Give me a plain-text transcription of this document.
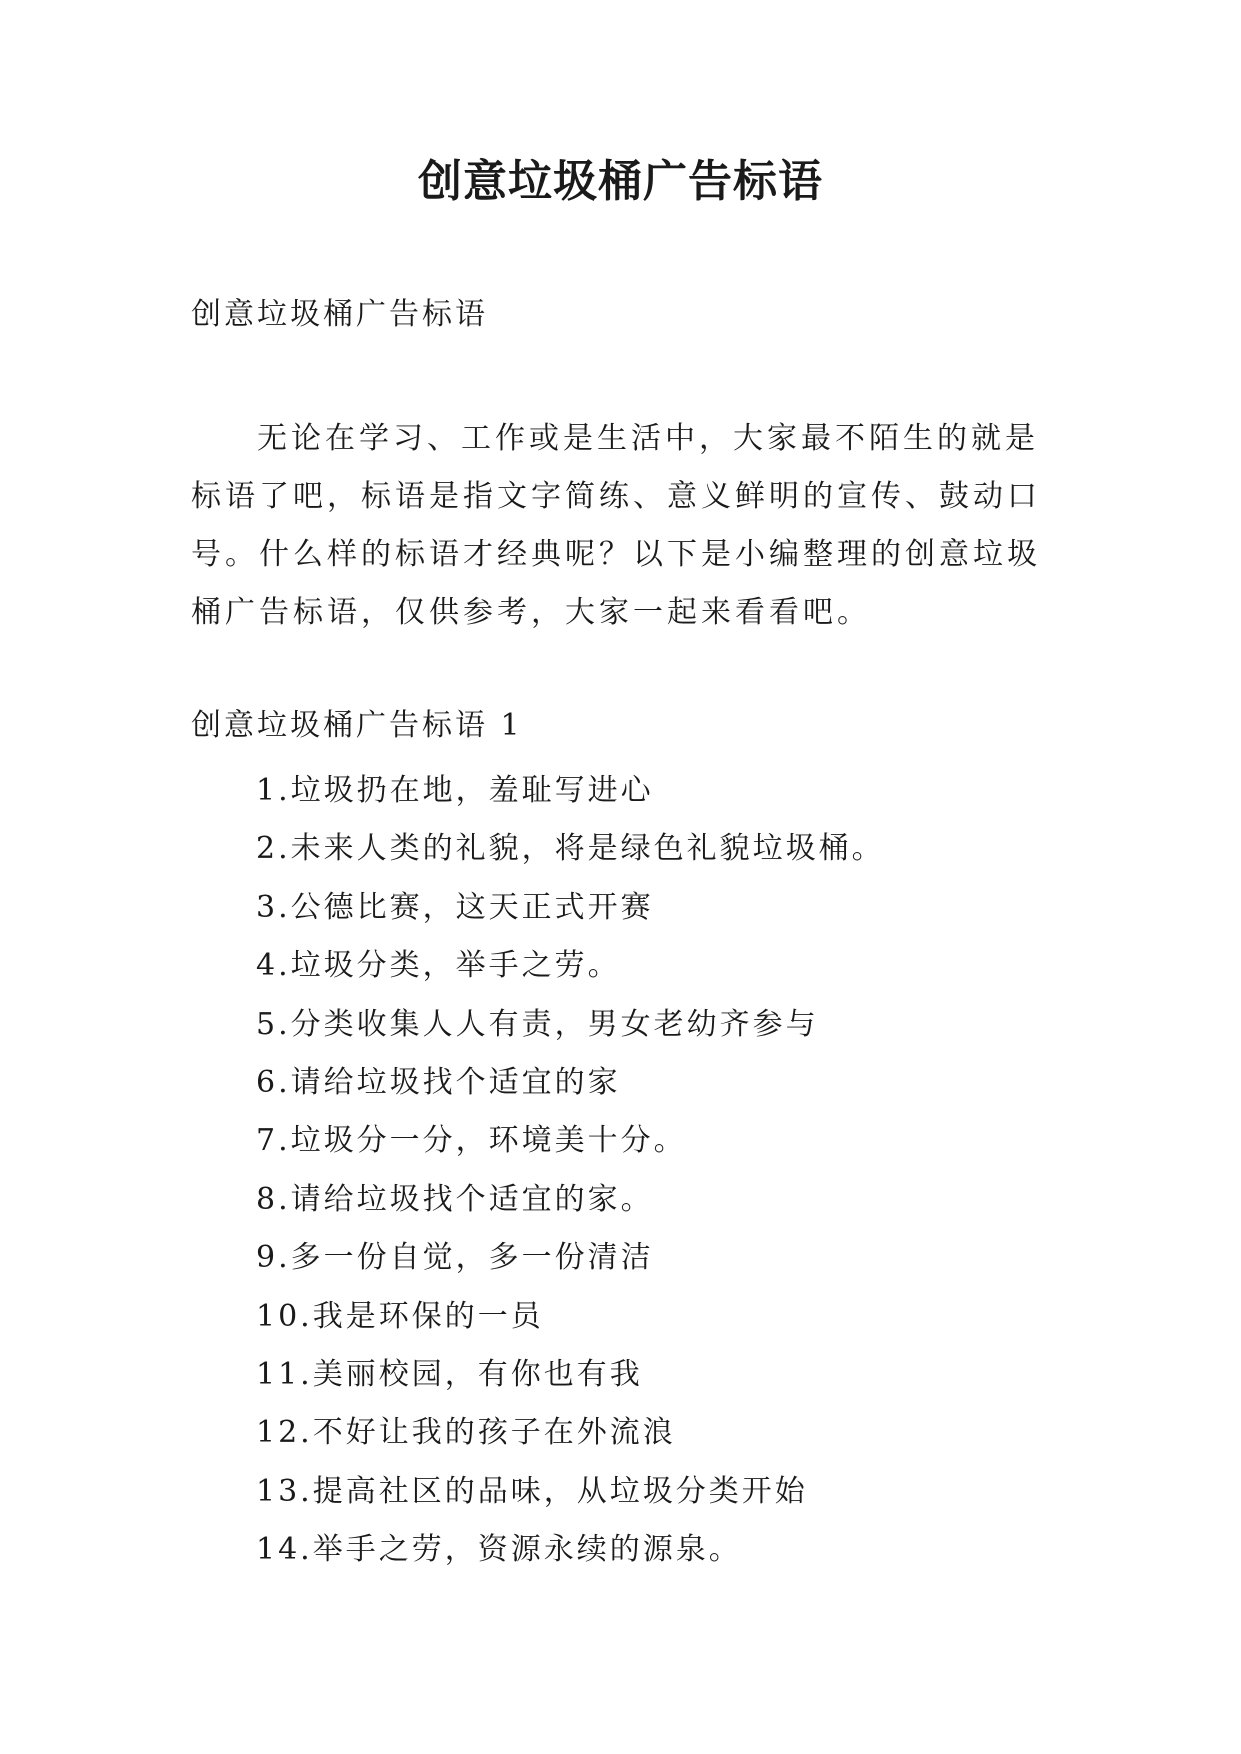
创意垃圾桶广告标语

创意垃圾桶广告标语

无论在学习、工作或是生活中，大家最不陌生的就是标语了吧，标语是指文字简练、意义鲜明的宣传、鼓动口号。什么样的标语才经典呢？以下是小编整理的创意垃圾桶广告标语，仅供参考，大家一起来看看吧。

创意垃圾桶广告标语 1

1.垃圾扔在地，羞耻写进心
2.未来人类的礼貌，将是绿色礼貌垃圾桶。
3.公德比赛，这天正式开赛
4.垃圾分类，举手之劳。
5.分类收集人人有责，男女老幼齐参与
6.请给垃圾找个适宜的家
7.垃圾分一分，环境美十分。
8.请给垃圾找个适宜的家。
9.多一份自觉，多一份清洁
10.我是环保的一员
11.美丽校园，有你也有我
12.不好让我的孩子在外流浪
13.提高社区的品味，从垃圾分类开始
14.举手之劳，资源永续的源泉。
